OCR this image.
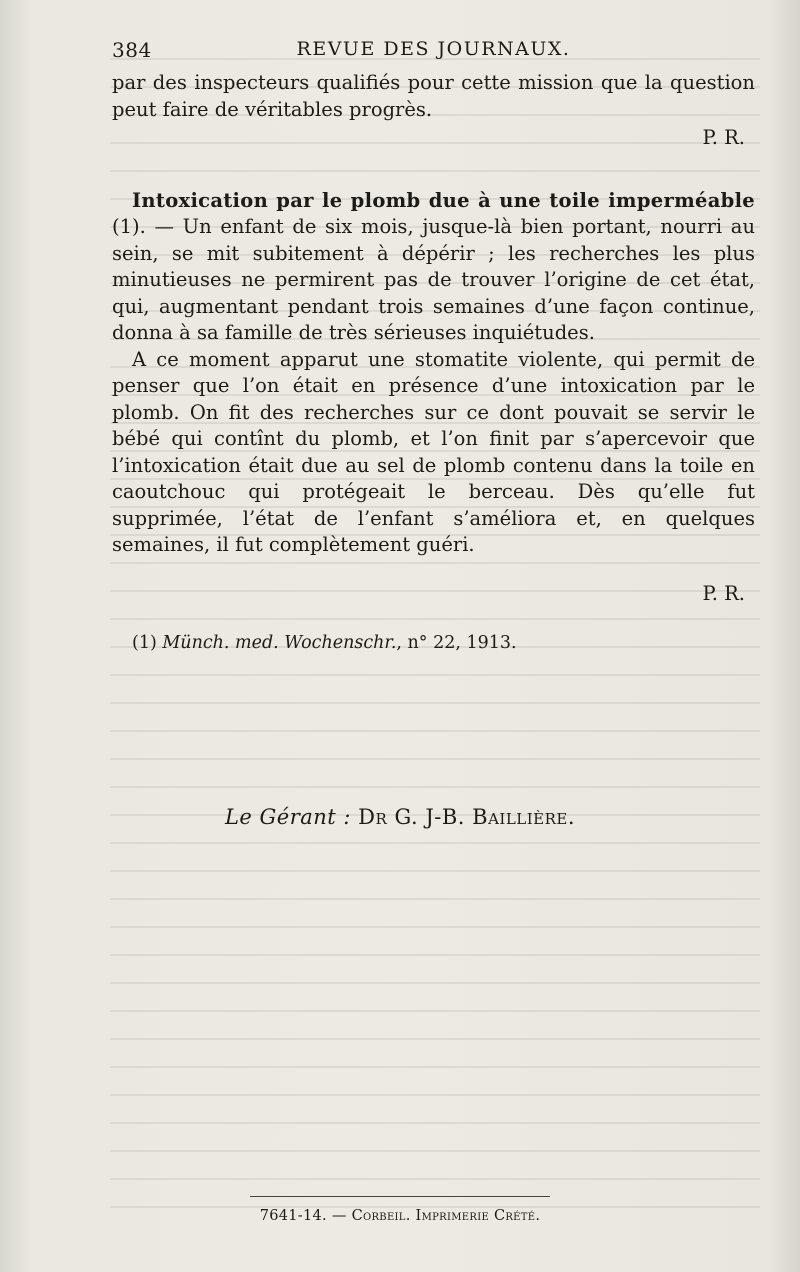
384	REVUE DES JOURNAUX.

par des inspecteurs qualifiés pour cette mission que la question peut faire de véritables progrès.

P. R.

Intoxication par le plomb due à une toile imperméable (1). — Un enfant de six mois, jusque-là bien portant, nourri au sein, se mit subitement à dépérir ; les recherches les plus minutieuses ne permirent pas de trouver l’origine de cet état, qui, augmentant pendant trois semaines d’une façon continue, donna à sa famille de très sérieuses inquiétudes.

A ce moment apparut une stomatite violente, qui permit de penser que l’on était en présence d’une intoxication par le plomb. On fit des recherches sur ce dont pouvait se servir le bébé qui contînt du plomb, et l’on finit par s’apercevoir que l’intoxication était due au sel de plomb contenu dans la toile en caoutchouc qui protégeait le berceau. Dès qu’elle fut supprimée, l’état de l’enfant s’améliora et, en quelques semaines, il fut complètement guéri.

P. R.

(1) Münch. med. Wochenschr., n° 22, 1913.
Le Gérant : Dr G. J-B. Baillière.
7641-14. — Corbeil. Imprimerie Crété.
